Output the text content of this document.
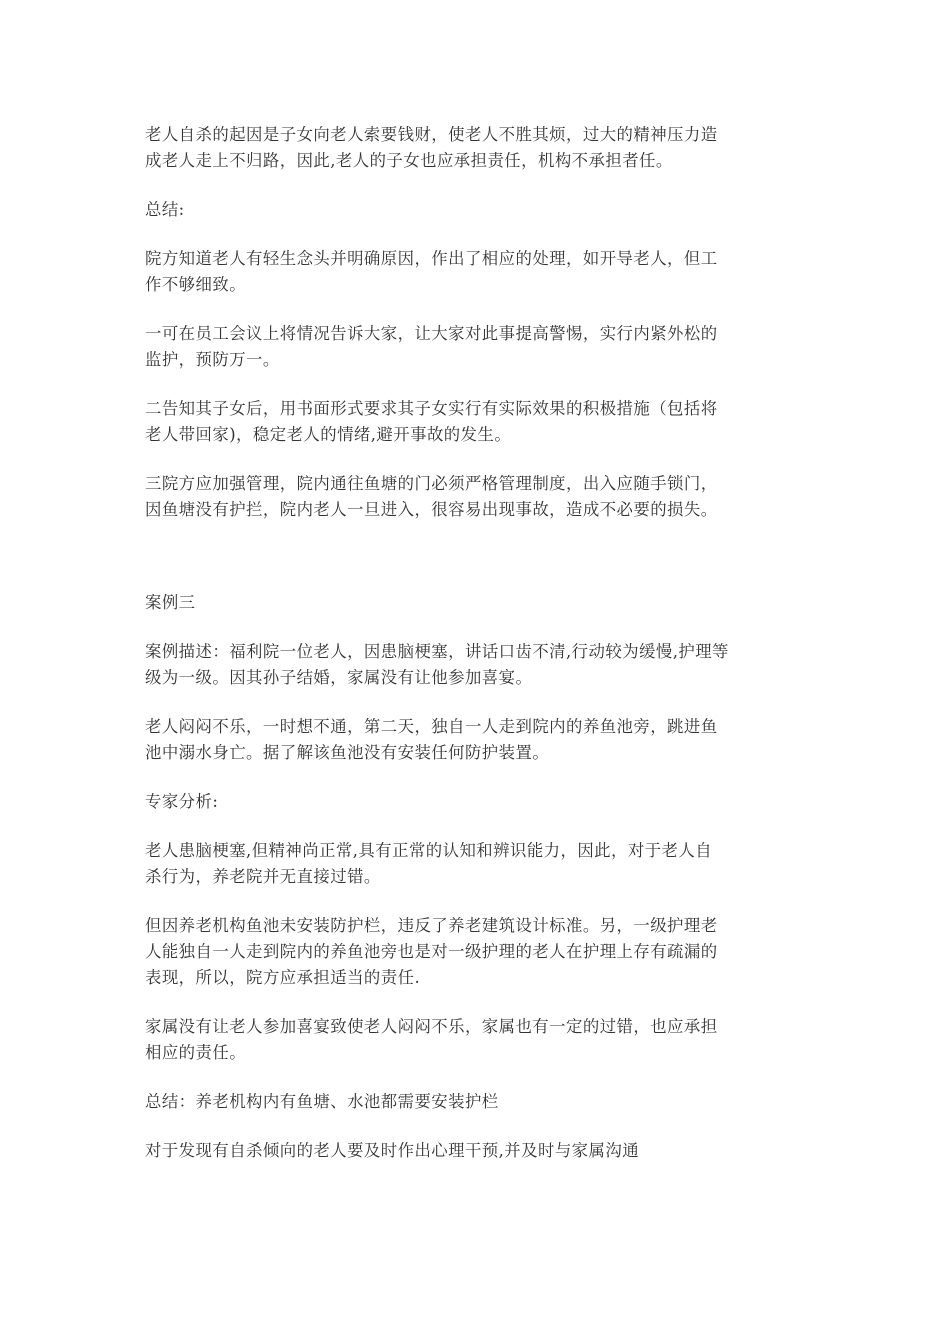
老人自杀的起因是子女向老人索要钱财，使老人不胜其烦，过大的精神压力造
成老人走上不归路，因此,老人的子女也应承担责任，机构不承担者任。

总结:

院方知道老人有轻生念头并明确原因，作出了相应的处理，如开导老人，但工
作不够细致。

一可在员工会议上将情况告诉大家，让大家对此事提高警惕，实行内紧外松的
监护，预防万一。

二告知其子女后，用书面形式要求其子女实行有实际效果的积极措施（包括将
老人带回家)，稳定老人的情绪,避开事故的发生。

三院方应加强管理，院内通往鱼塘的门必须严格管理制度，出入应随手锁门，
因鱼塘没有护拦，院内老人一旦进入，很容易出现事故，造成不必要的损失。

案例三

案例描述：福利院一位老人，因患脑梗塞，讲话口齿不清,行动较为缓慢,护理等
级为一级。因其孙子结婚，家属没有让他参加喜宴。

老人闷闷不乐，一时想不通，第二天，独自一人走到院内的养鱼池旁，跳进鱼
池中溺水身亡。据了解该鱼池没有安装任何防护装置。

专家分析:

老人患脑梗塞,但精神尚正常,具有正常的认知和辨识能力，因此，对于老人自
杀行为，养老院并无直接过错。

但因养老机构鱼池未安装防护栏，违反了养老建筑设计标准。另，一级护理老
人能独自一人走到院内的养鱼池旁也是对一级护理的老人在护理上存有疏漏的
表现，所以，院方应承担适当的责任.

家属没有让老人参加喜宴致使老人闷闷不乐，家属也有一定的过错，也应承担
相应的责任。

总结：养老机构内有鱼塘、水池都需要安装护栏

对于发现有自杀倾向的老人要及时作出心理干预,并及时与家属沟通
